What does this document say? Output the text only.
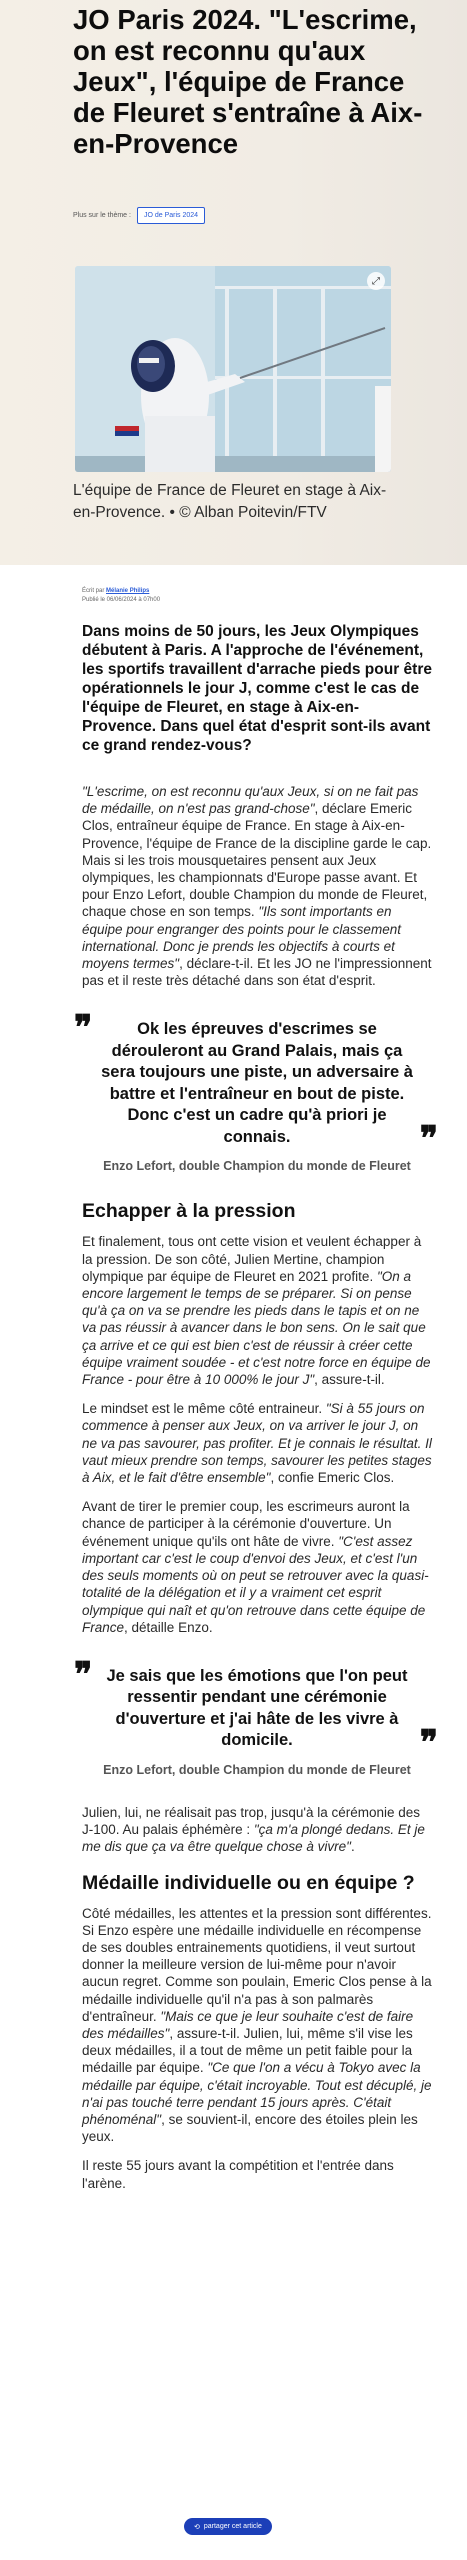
JO Paris 2024. "L'escrime, on est reconnu qu'aux Jeux", l'équipe de France de Fleuret s'entraîne à Aix-en-Provence
Plus sur le thème :	JO de Paris 2024
⤢
L'équipe de France de Fleuret en stage à Aix-en-Provence. • © Alban Poitevin/FTV
Écrit par Mélanie Philips
Publié le 06/06/2024 à 07h00

Dans moins de 50 jours, les Jeux Olympiques débutent à Paris. A l'approche de l'événement, les sportifs travaillent d'arrache pieds pour être opérationnels le jour J, comme c'est le cas de l'équipe de Fleuret, en stage à Aix-en-Provence. Dans quel état d'esprit sont-ils avant ce grand rendez-vous?

"L'escrime, on est reconnu qu'aux Jeux, si on ne fait pas de médaille, on n'est pas grand-chose", déclare Emeric Clos, entraîneur équipe de France. En stage à Aix-en-Provence, l'équipe de France de la discipline garde le cap. Mais si les trois mousquetaires pensent aux Jeux olympiques, les championnats d'Europe passe avant. Et pour Enzo Lefort, double Champion du monde de Fleuret, chaque chose en son temps. "Ils sont importants en équipe pour engranger des points pour le classement international. Donc je prends les objectifs à courts et moyens termes", déclare-t-il. Et les JO ne l'impressionnent pas et il reste très détaché dans son état d'esprit.

❞	Ok les épreuves d'escrimes se dérouleront au Grand Palais, mais ça sera toujours une piste, un adversaire à battre et l'entraîneur en bout de piste. Donc c'est un cadre qu'à priori je connais.

Enzo Lefort, double Champion du monde de Fleuret
❞
Echapper à la pression

Et finalement, tous ont cette vision et veulent échapper à la pression. De son côté, Julien Mertine, champion olympique par équipe de Fleuret en 2021 profite. "On a encore largement le temps de se préparer. Si on pense qu'à ça on va se prendre les pieds dans le tapis et on ne va pas réussir à avancer dans le bon sens. On le sait que ça arrive et ce qui est bien c'est de réussir à créer cette équipe vraiment soudée - et c'est notre force en équipe de France - pour être à 10 000% le jour J", assure-t-il.

Le mindset est le même côté entraineur. "Si à 55 jours on commence à penser aux Jeux, on va arriver le jour J, on ne va pas savourer, pas profiter. Et je connais le résultat. Il vaut mieux prendre son temps, savourer les petites stages à Aix, et le fait d'être ensemble", confie Emeric Clos.

Avant de tirer le premier coup, les escrimeurs auront la chance de participer à la cérémonie d'ouverture. Un événement unique qu'ils ont hâte de vivre. "C'est assez important car c'est le coup d'envoi des Jeux, et c'est l'un des seuls moments où on peut se retrouver avec la quasi-totalité de la délégation et il y a vraiment cet esprit olympique qui naît et qu'on retrouve dans cette équipe de France, détaille Enzo.

❞ Je sais que les émotions que l'on peut ressentir pendant une cérémonie d'ouverture et j'ai hâte de les vivre à domicile.

Enzo Lefort, double Champion du monde de Fleuret
❞

Julien, lui, ne réalisait pas trop, jusqu'à la cérémonie des J-100. Au palais éphémère : "ça m'a plongé dedans. Et je me dis que ça va être quelque chose à vivre".

Médaille individuelle ou en équipe ?

Côté médailles, les attentes et la pression sont différentes. Si Enzo espère une médaille individuelle en récompense de ses doubles entrainements quotidiens, il veut surtout donner la meilleure version de lui-même pour n'avoir aucun regret. Comme son poulain, Emeric Clos pense à la médaille individuelle qu'il n'a pas à son palmarès d'entraîneur. "Mais ce que je leur souhaite c'est de faire des médailles", assure-t-il. Julien, lui, même s'il vise les deux médailles, il a tout de même un petit faible pour la médaille par équipe. "Ce que l'on a vécu à Tokyo avec la médaille par équipe, c'était incroyable. Tout est décuplé, je n'ai pas touché terre pendant 15 jours après. C'était phénoménal", se souvient-il, encore des étoiles plein les yeux.

Il reste 55 jours avant la compétition et l'entrée dans l'arène.

⟲ partager cet article
